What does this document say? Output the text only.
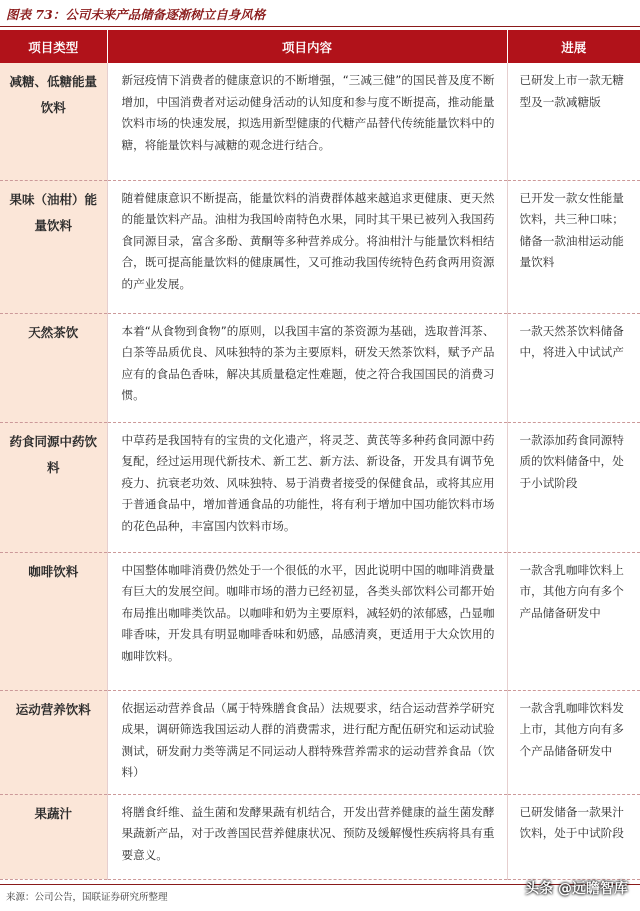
图表 73：公司未来产品储备逐渐树立自身风格
项目类型	项目内容	进展
减糖、低糖能量饮料	新冠疫情下消费者的健康意识的不断增强，“三减三健”的国民普及度不断增加，中国消费者对运动健身活动的认知度和参与度不断提高，推动能量饮料市场的快速发展，拟选用新型健康的代糖产品替代传统能量饮料中的糖，将能量饮料与减糖的观念进行结合。	已研发上市一款无糖型及一款减糖版
果味（油柑）能量饮料	随着健康意识不断提高，能量饮料的消费群体越来越追求更健康、更天然的能量饮料产品。油柑为我国岭南特色水果，同时其干果已被列入我国药食同源目录，富含多酚、黄酮等多种营养成分。将油柑汁与能量饮料相结合，既可提高能量饮料的健康属性，又可推动我国传统特色药食两用资源的产业发展。	已开发一款女性能量饮料，共三种口味；储备一款油柑运动能量饮料
天然茶饮	本着“从食物到食物”的原则，以我国丰富的茶资源为基础，选取普洱茶、白茶等品质优良、风味独特的茶为主要原料，研发天然茶饮料，赋予产品应有的食品色香味，解决其质量稳定性难题，使之符合我国国民的消费习惯。	一款天然茶饮料储备中，将进入中试试产
药食同源中药饮料	中草药是我国特有的宝贵的文化遗产，将灵芝、黄芪等多种药食同源中药复配，经过运用现代新技术、新工艺、新方法、新设备，开发具有调节免疫力、抗衰老功效、风味独特、易于消费者接受的保健食品，或将其应用于普通食品中，增加普通食品的功能性，将有利于增加中国功能饮料市场的花色品种，丰富国内饮料市场。	一款添加药食同源特质的饮料储备中，处于小试阶段
咖啡饮料	中国整体咖啡消费仍然处于一个很低的水平，因此说明中国的咖啡消费量有巨大的发展空间。咖啡市场的潜力已经初显，各类头部饮料公司都开始布局推出咖啡类饮品。以咖啡和奶为主要原料，减轻奶的浓郁感，凸显咖啡香味，开发具有明显咖啡香味和奶感，品感清爽，更适用于大众饮用的咖啡饮料。	一款含乳咖啡饮料上市，其他方向有多个产品储备研发中
运动营养饮料	依据运动营养食品（属于特殊膳食食品）法规要求，结合运动营养学研究成果，调研筛选我国运动人群的消费需求，进行配方配伍研究和运动试验测试，研发耐力类等满足不同运动人群特殊营养需求的运动营养食品（饮料）	一款含乳咖啡饮料发上市，其他方向有多个产品储备研发中
果蔬汁	将膳食纤维、益生菌和发酵果蔬有机结合，开发出营养健康的益生菌发酵果蔬新产品，对于改善国民营养健康状况、预防及缓解慢性疾病将具有重要意义。	已研发储备一款果汁饮料，处于中试阶段
来源：公司公告，国联证券研究所整理
头条 @远瞻智库
